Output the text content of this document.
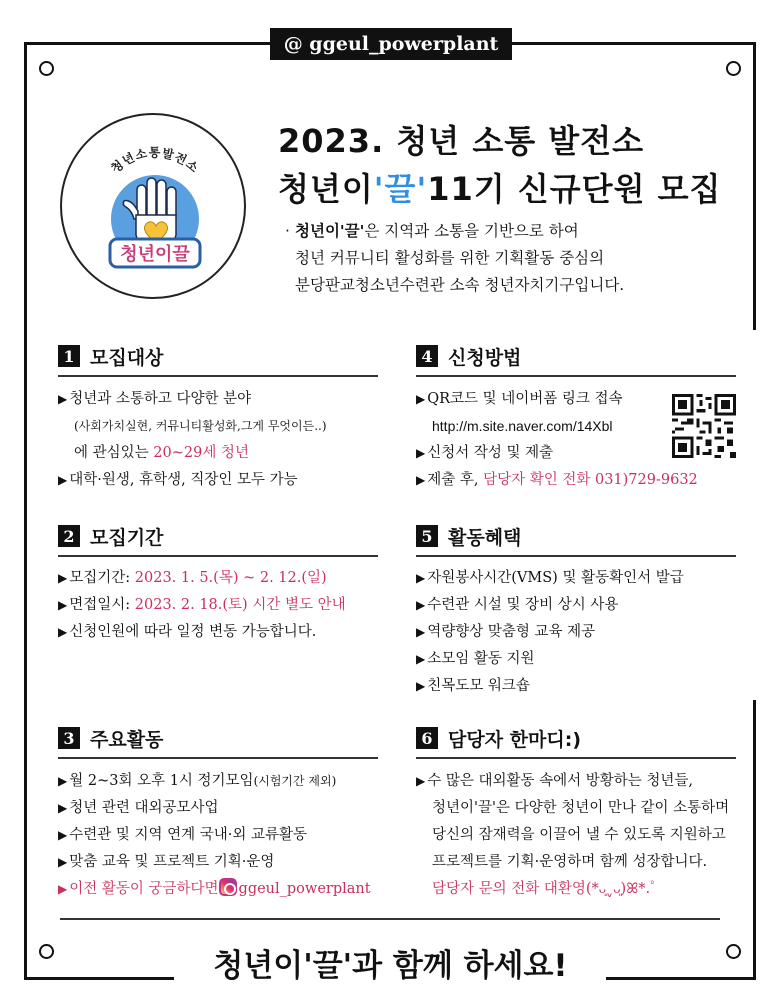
@ ggeul_powerplant
청년소통발전소
청년이끌
2023. 청년 소통 발전소
청년이'끌'11기 신규단원 모집
· 청년이'끌'은 지역과 소통을 기반으로 하여
청년 커뮤니티 활성화를 위한 기획활동 중심의
분당판교청소년수련관 소속 청년자치기구입니다.
1 모집대상
▶ 청년과 소통하고 다양한 분야
(사회가치실현, 커뮤니티활성화,그게 무엇이든..)
에 관심있는 20~29세 청년
▶ 대학·원생, 휴학생, 직장인 모두 가능
2 모집기간
▶ 모집기간: 2023. 1. 5.(목) ~ 2. 12.(일)
▶ 면접일시: 2023. 2. 18.(토) 시간 별도 안내
▶ 신청인원에 따라 일정 변동 가능합니다.
3 주요활동
▶ 월 2~3회 오후 1시 정기모임(시험기간 제외)
▶ 청년 관련 대외공모사업
▶ 수련관 및 지역 연계 국내·외 교류활동
▶ 맞춤 교육 및 프로젝트 기획·운영
▶ 이전 활동이 궁금하다면 ggeul_powerplant
4 신청방법
▶ QR코드 및 네이버폼 링크 접속
http://m.site.naver.com/14Xbl
▶ 신청서 작성 및 제출
▶ 제출 후, 담당자 확인 전화 031)729-9632
5 활동혜택
▶ 자원봉사시간(VMS) 및 활동확인서 발급
▶ 수련관 시설 및 장비 상시 사용
▶ 역량향상 맞춤형 교육 제공
▶ 소모임 활동 지원
▶ 친목도모 워크숍
6 담당자 한마디:)
▶ 수 많은 대외활동 속에서 방황하는 청년들,
청년이'끌'은 다양한 청년이 만나 같이 소통하며
당신의 잠재력을 이끌어 낼 수 있도록 지원하고
프로젝트를 기획·운영하며 함께 성장합니다.
담당자 문의 전화 대환영(*ᴗ͈ˬᴗ͈)ꕤ*.ﾟ
청년이'끌'과 함께 하세요!
